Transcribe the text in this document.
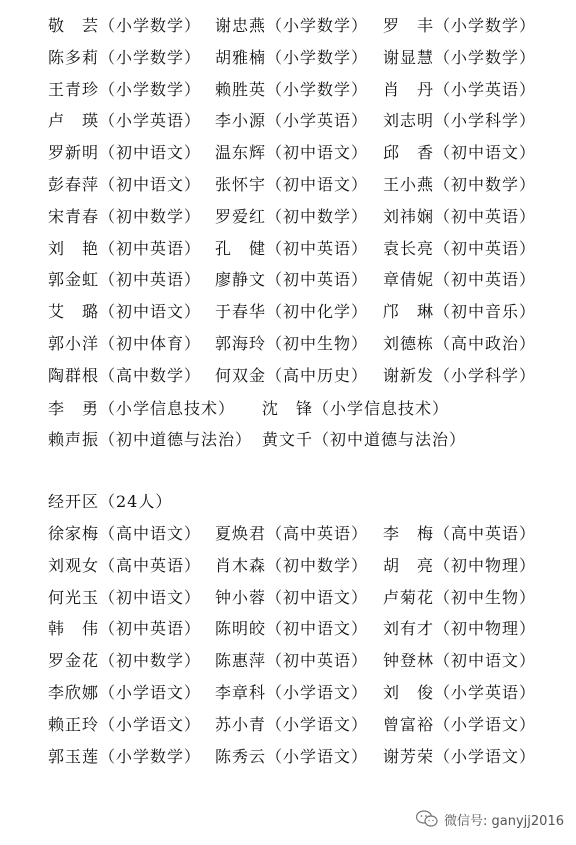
敬　芸（小学数学） 谢忠燕（小学数学） 罗　丰（小学数学）
陈多莉（小学数学） 胡雅楠（小学数学） 谢显慧（小学数学）
王青珍（小学数学） 赖胜英（小学数学） 肖　丹（小学英语）
卢　瑛（小学英语） 李小源（小学英语） 刘志明（小学科学）
罗新明（初中语文） 温东辉（初中语文） 邱　香（初中语文）
彭春萍（初中语文） 张怀宇（初中语文） 王小燕（初中数学）
宋青春（初中数学） 罗爱红（初中数学） 刘祎娴（初中英语）
刘　艳（初中英语） 孔　健（初中英语） 袁长亮（初中英语）
郭金虹（初中英语） 廖静文（初中英语） 章倩妮（初中英语）
艾　璐（初中语文） 于春华（初中化学） 邝　琳（初中音乐）
郭小洋（初中体育） 郭海玲（初中生物） 刘德栋（高中政治）
陶群根（高中数学） 何双金（高中历史） 谢新发（小学科学）
李　勇（小学信息技术） 沈　锋（小学信息技术）
赖声振（初中道德与法治） 黄文千（初中道德与法治）
经开区（24人）
徐家梅（高中语文） 夏焕君（高中英语） 李　梅（高中英语）
刘观女（高中英语） 肖木森（初中数学） 胡　亮（初中物理）
何光玉（初中语文） 钟小蓉（初中语文） 卢菊花（初中生物）
韩　伟（初中英语） 陈明皎（初中语文） 刘有才（初中物理）
罗金花（初中数学） 陈惠萍（初中英语） 钟登林（初中语文）
李欣娜（小学语文） 李章科（小学语文） 刘　俊（小学英语）
赖正玲（小学语文） 苏小青（小学语文） 曾富裕（小学语文）
郭玉莲（小学数学） 陈秀云（小学语文） 谢芳荣（小学语文）
微信号: ganyjj2016
